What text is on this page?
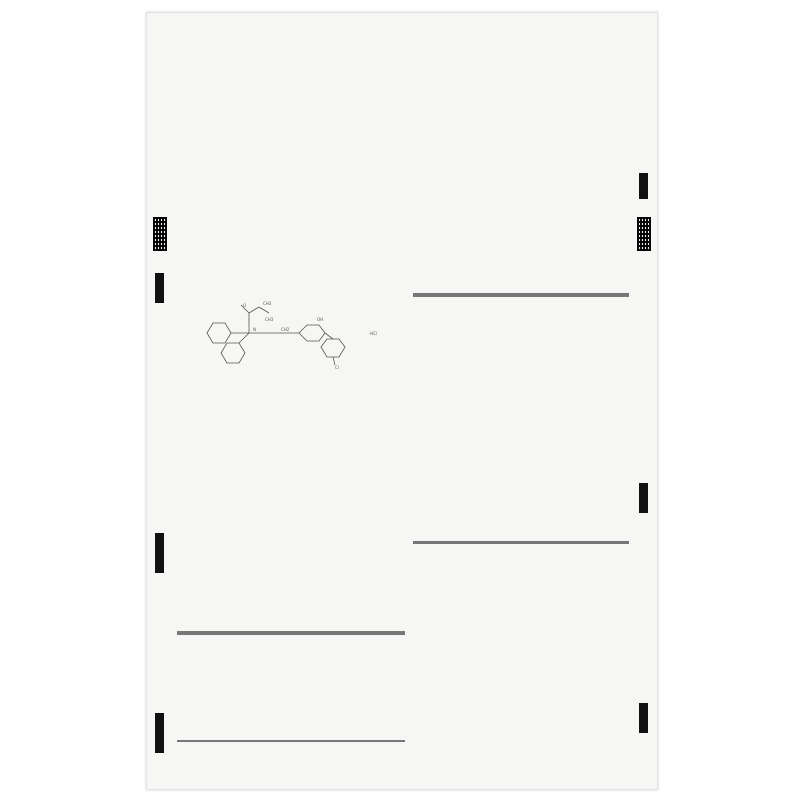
O	CH3
CH3
N	CH2
OH
Cl
·HCl
